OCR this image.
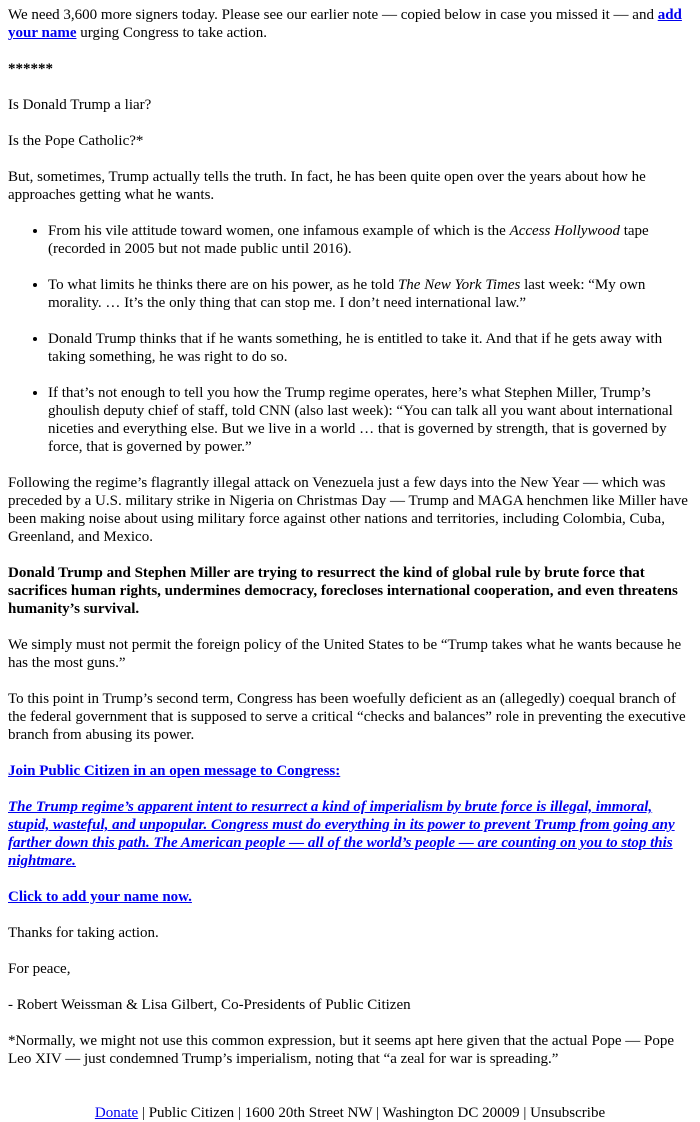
We need 3,600 more signers today. Please see our earlier note — copied below in case you missed it — and add your name urging Congress to take action.

******

Is Donald Trump a liar?

Is the Pope Catholic?*

But, sometimes, Trump actually tells the truth. In fact, he has been quite open over the years about how he approaches getting what he wants.

• From his vile attitude toward women, one infamous example of which is the Access Hollywood tape (recorded in 2005 but not made public until 2016).
• To what limits he thinks there are on his power, as he told The New York Times last week: “My own morality. … It’s the only thing that can stop me. I don’t need international law.”
• Donald Trump thinks that if he wants something, he is entitled to take it. And that if he gets away with taking something, he was right to do so.
• If that’s not enough to tell you how the Trump regime operates, here’s what Stephen Miller, Trump’s ghoulish deputy chief of staff, told CNN (also last week): “You can talk all you want about international niceties and everything else. But we live in a world … that is governed by strength, that is governed by force, that is governed by power.”

Following the regime’s flagrantly illegal attack on Venezuela just a few days into the New Year — which was preceded by a U.S. military strike in Nigeria on Christmas Day — Trump and MAGA henchmen like Miller have been making noise about using military force against other nations and territories, including Colombia, Cuba, Greenland, and Mexico.

Donald Trump and Stephen Miller are trying to resurrect the kind of global rule by brute force that sacrifices human rights, undermines democracy, forecloses international cooperation, and even threatens humanity’s survival.

We simply must not permit the foreign policy of the United States to be “Trump takes what he wants because he has the most guns.”

To this point in Trump’s second term, Congress has been woefully deficient as an (allegedly) coequal branch of the federal government that is supposed to serve a critical “checks and balances” role in preventing the executive branch from abusing its power.

Join Public Citizen in an open message to Congress:

The Trump regime’s apparent intent to resurrect a kind of imperialism by brute force is illegal, immoral, stupid, wasteful, and unpopular. Congress must do everything in its power to prevent Trump from going any farther down this path. The American people — all of the world’s people — are counting on you to stop this nightmare.

Click to add your name now.

Thanks for taking action.

For peace,

- Robert Weissman & Lisa Gilbert, Co-Presidents of Public Citizen

*Normally, we might not use this common expression, but it seems apt here given that the actual Pope — Pope Leo XIV — just condemned Trump’s imperialism, noting that “a zeal for war is spreading.”

Donate | Public Citizen | 1600 20th Street NW | Washington DC 20009 | Unsubscribe
